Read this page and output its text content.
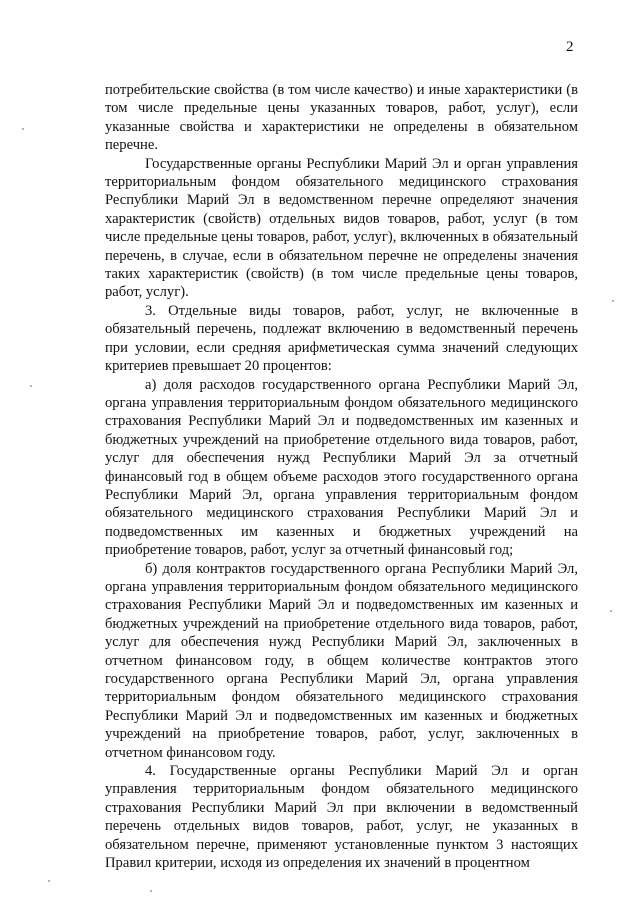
2

потребительские свойства (в том числе качество) и иные характеристики (в том числе предельные цены указанных товаров, работ, услуг), если указанные свойства и характеристики не определены в обязательном перечне.

Государственные органы Республики Марий Эл и орган управления территориальным фондом обязательного медицинского страхования Республики Марий Эл в ведомственном перечне определяют значения характеристик (свойств) отдельных видов товаров, работ, услуг (в том числе предельные цены товаров, работ, услуг), включенных в обязательный перечень, в случае, если в обязательном перечне не определены значения таких характеристик (свойств) (в том числе предельные цены товаров, работ, услуг).

3. Отдельные виды товаров, работ, услуг, не включенные в обязательный перечень, подлежат включению в ведомственный перечень при условии, если средняя арифметическая сумма значений следующих критериев превышает 20 процентов:

а) доля расходов государственного органа Республики Марий Эл, органа управления территориальным фондом обязательного медицинского страхования Республики Марий Эл и подведомственных им казенных и бюджетных учреждений на приобретение отдельного вида товаров, работ, услуг для обеспечения нужд Республики Марий Эл за отчетный финансовый год в общем объеме расходов этого государственного органа Республики Марий Эл, органа управления территориальным фондом обязательного медицинского страхования Республики Марий Эл и подведомственных им казенных и бюджетных учреждений на приобретение товаров, работ, услуг за отчетный финансовый год;

б) доля контрактов государственного органа Республики Марий Эл, органа управления территориальным фондом обязательного медицинского страхования Республики Марий Эл и подведомственных им казенных и бюджетных учреждений на приобретение отдельного вида товаров, работ, услуг для обеспечения нужд Республики Марий Эл, заключенных в отчетном финансовом году, в общем количестве контрактов этого государственного органа Республики Марий Эл, органа управления территориальным фондом обязательного медицинского страхования Республики Марий Эл и подведомственных им казенных и бюджетных учреждений на приобретение товаров, работ, услуг, заключенных в отчетном финансовом году.

4. Государственные органы Республики Марий Эл и орган управления территориальным фондом обязательного медицинского страхования Республики Марий Эл при включении в ведомственный перечень отдельных видов товаров, работ, услуг, не указанных в обязательном перечне, применяют установленные пунктом 3 настоящих Правил критерии, исходя из определения их значений в процентном
